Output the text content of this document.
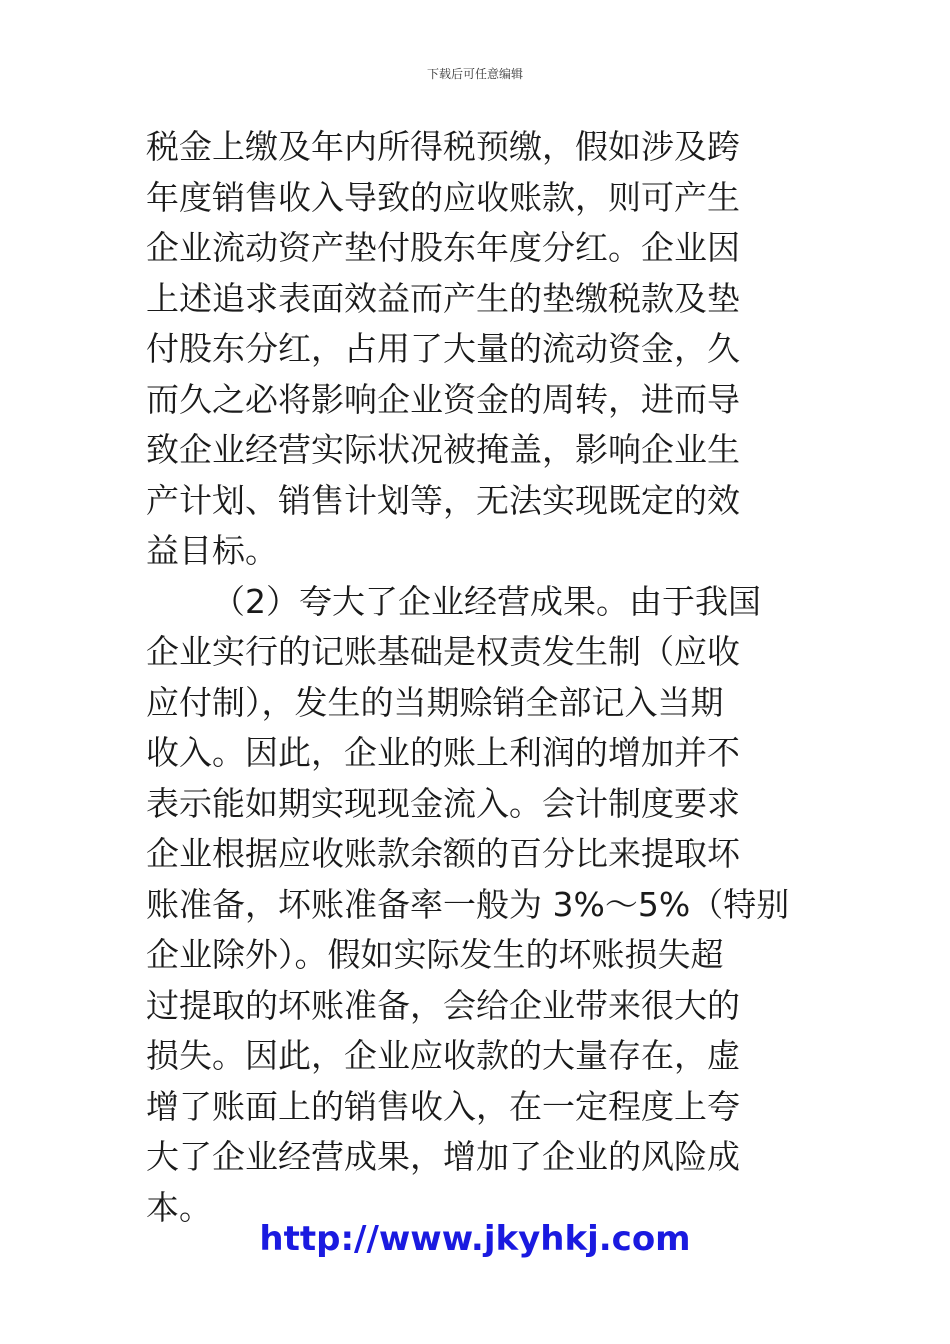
下载后可任意编辑
税金上缴及年内所得税预缴，假如涉及跨
年度销售收入导致的应收账款，则可产生
企业流动资产垫付股东年度分红。企业因
上述追求表面效益而产生的垫缴税款及垫
付股东分红，占用了大量的流动资金，久
而久之必将影响企业资金的周转，进而导
致企业经营实际状况被掩盖，影响企业生
产计划、销售计划等，无法实现既定的效
益目标。
（2）夸大了企业经营成果。由于我国
企业实行的记账基础是权责发生制（应收
应付制），发生的当期赊销全部记入当期
收入。因此，企业的账上利润的增加并不
表示能如期实现现金流入。会计制度要求
企业根据应收账款余额的百分比来提取坏
账准备，坏账准备率一般为 3%～5%（特别
企业除外）。假如实际发生的坏账损失超
过提取的坏账准备，会给企业带来很大的
损失。因此，企业应收款的大量存在，虚
增了账面上的销售收入，在一定程度上夸
大了企业经营成果，增加了企业的风险成
本。
http://www.jkyhkj.com
